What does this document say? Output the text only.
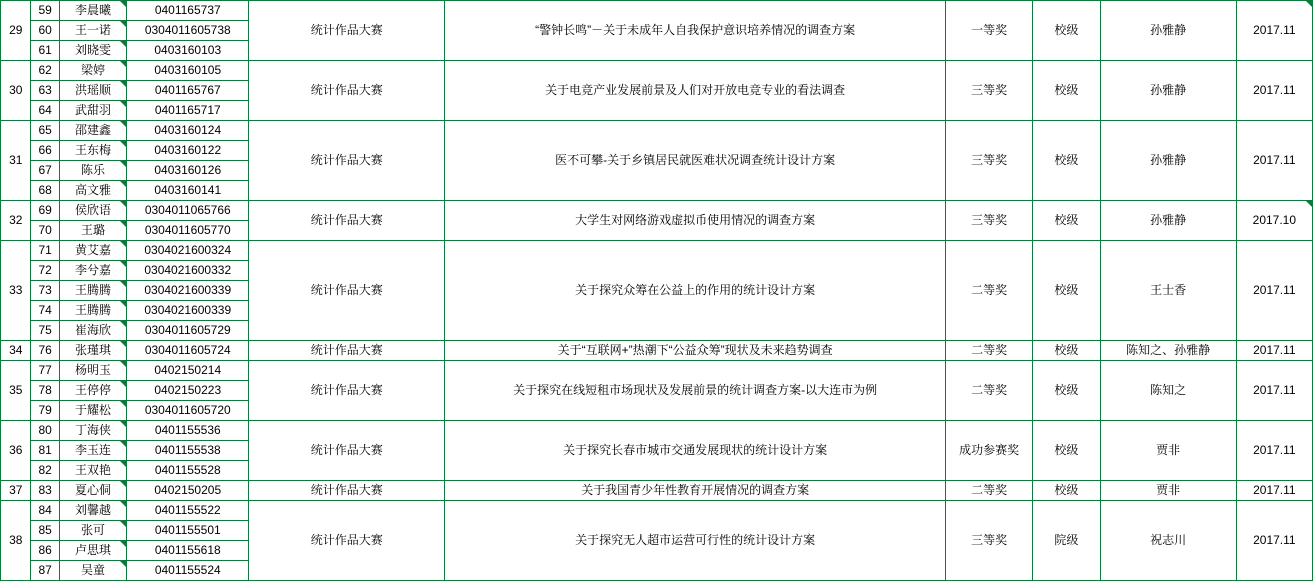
29	59	李晨曦	0401165737	统计作品大赛	“警钟长鸣”－关于未成年人自我保护意识培养情况的调查方案	一等奖	校级	孙雅静	2017.11

	60	王一诺	0304011605738						
	61	刘晓雯	0403160103						
30	62	梁婷	0403160105	统计作品大赛	关于电竞产业发展前景及人们对开放电竞专业的看法调查	三等奖	校级	孙雅静	2017.11
	63	洪瑶顺	0401165767						
	64	武甜羽	0401165717						
31	65	邵建鑫	0403160124	统计作品大赛	医不可攀-关于乡镇居民就医难状况调查统计设计方案	三等奖	校级	孙雅静	2017.11
	66	王东梅	0403160122						
	67	陈乐	0403160126						
	68	高文雅	0403160141						
32	69	侯欣语	0304011065766	统计作品大赛	大学生对网络游戏虚拟币使用情况的调查方案	三等奖	校级	孙雅静	2017.10

	70	王璐	0304011605770						
33	71	黄艾嘉	0304021600324	统计作品大赛	关于探究众筹在公益上的作用的统计设计方案	二等奖	校级	王士香	2017.11
	72	李兮嘉	0304021600332						
	73	王腾腾	0304021600339						
	74	王腾腾	0304021600339						
	75	崔海欣	0304011605729						
34	76	张瑾琪	0304011605724	统计作品大赛	关于“互联网+”热潮下“公益众筹”现状及未来趋势调查	二等奖	校级	陈知之、孙雅静	2017.11
35	77	杨明玉	0402150214	统计作品大赛	关于探究在线短租市场现状及发展前景的统计调查方案-以大连市为例	二等奖	校级	陈知之	2017.11
	78	王停停	0402150223						
	79	于耀松	0304011605720						
36	80	丁海侠	0401155536	统计作品大赛	关于探究长春市城市交通发展现状的统计设计方案	成功参赛奖	校级	贾非	2017.11
	81	李玉连	0401155538						
	82	王双艳	0401155528						
37	83	夏心侗	0402150205	统计作品大赛	关于我国青少年性教育开展情况的调查方案	二等奖	校级	贾非	2017.11
38	84	刘馨越	0401155522	统计作品大赛	关于探究无人超市运营可行性的统计设计方案	三等奖	院级	祝志川	2017.11
	85	张可	0401155501						
	86	卢思琪	0401155618						
	87	吴童	0401155524						
